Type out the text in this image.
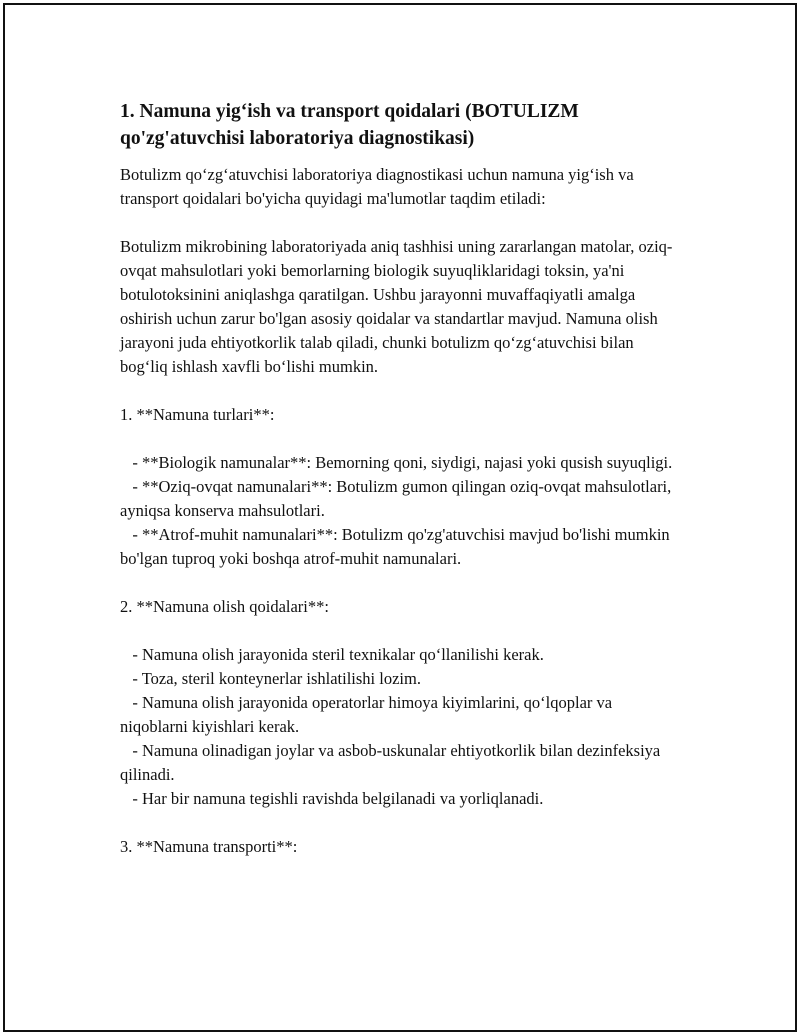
1. Namuna yig‘ish va transport qoidalari (BOTULIZM qo'zg'atuvchisi laboratoriya diagnostikasi)

Botulizm qo‘zg‘atuvchisi laboratoriya diagnostikasi uchun namuna yig‘ish va transport qoidalari bo'yicha quyidagi ma'lumotlar taqdim etiladi:

Botulizm mikrobining laboratoriyada aniq tashhisi uning zararlangan matolar, oziq-ovqat mahsulotlari yoki bemorlarning biologik suyuqliklaridagi toksin, ya'ni botulotoksinini aniqlashga qaratilgan. Ushbu jarayonni muvaffaqiyatli amalga oshirish uchun zarur bo'lgan asosiy qoidalar va standartlar mavjud. Namuna olish jarayoni juda ehtiyotkorlik talab qiladi, chunki botulizm qo‘zg‘atuvchisi bilan bog‘liq ishlash xavfli bo‘lishi mumkin.

1. **Namuna turlari**:

- **Biologik namunalar**: Bemorning qoni, siydigi, najasi yoki qusish suyuqligi.

- **Oziq-ovqat namunalari**: Botulizm gumon qilingan oziq-ovqat mahsulotlari, ayniqsa konserva mahsulotlari.

- **Atrof-muhit namunalari**: Botulizm qo'zg'atuvchisi mavjud bo'lishi mumkin bo'lgan tuproq yoki boshqa atrof-muhit namunalari.

2. **Namuna olish qoidalari**:

- Namuna olish jarayonida steril texnikalar qo‘llanilishi kerak.

- Toza, steril konteynerlar ishlatilishi lozim.

- Namuna olish jarayonida operatorlar himoya kiyimlarini, qo‘lqoplar va niqoblarni kiyishlari kerak.

- Namuna olinadigan joylar va asbob-uskunalar ehtiyotkorlik bilan dezinfeksiya qilinadi.

- Har bir namuna tegishli ravishda belgilanadi va yorliqlanadi.

3. **Namuna transporti**:
